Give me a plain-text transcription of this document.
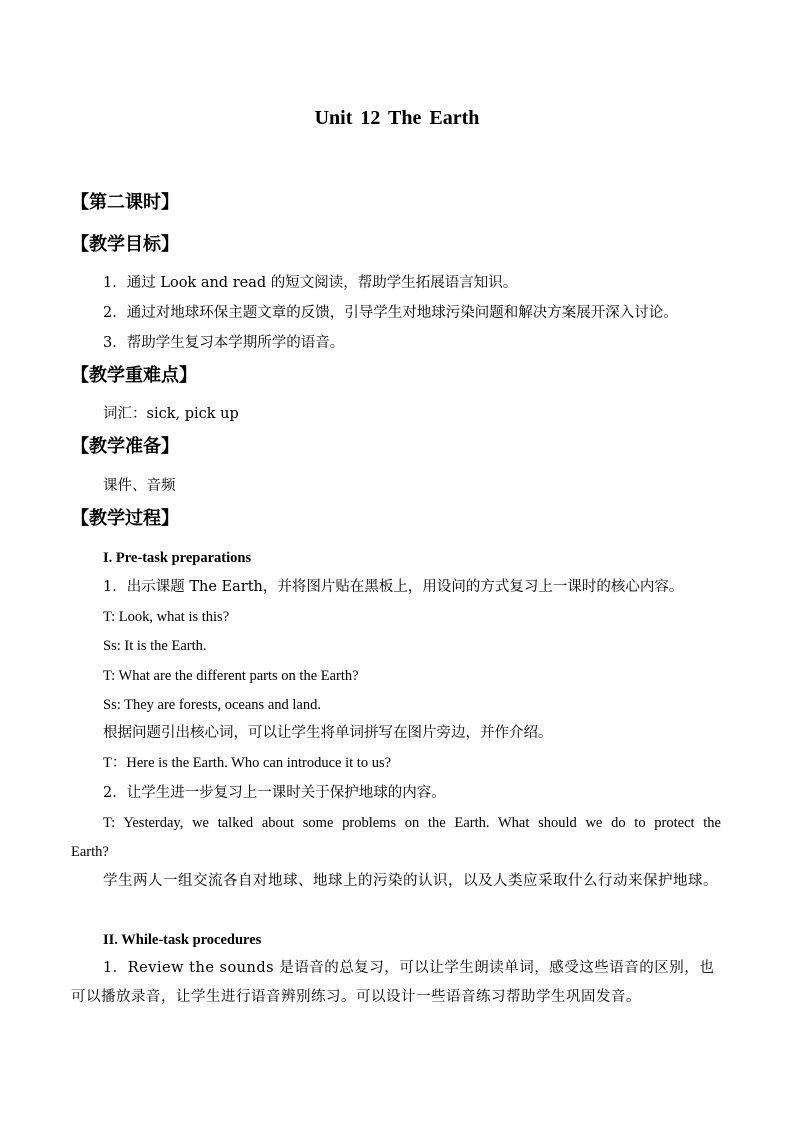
Unit 12 The Earth
【第二课时】
【教学目标】
1．通过 Look and read 的短文阅读，帮助学生拓展语言知识。
2．通过对地球环保主题文章的反馈，引导学生对地球污染问题和解决方案展开深入讨论。
3．帮助学生复习本学期所学的语音。
【教学重难点】
词汇：sick, pick up
【教学准备】
课件、音频
【教学过程】
I. Pre-task preparations
1．出示课题 The Earth，并将图片贴在黑板上，用设问的方式复习上一课时的核心内容。
T: Look, what is this?
Ss: It is the Earth.
T: What are the different parts on the Earth?
Ss: They are forests, oceans and land.
根据问题引出核心词，可以让学生将单词拼写在图片旁边，并作介绍。
T：Here is the Earth. Who can introduce it to us?
2．让学生进一步复习上一课时关于保护地球的内容。
T: Yesterday, we talked about some problems on the Earth. What should we do to protect the Earth?
学生两人一组交流各自对地球、地球上的污染的认识，以及人类应采取什么行动来保护地球。
II. While-task procedures
1．Review the sounds 是语音的总复习，可以让学生朗读单词，感受这些语音的区别，也可以播放录音，让学生进行语音辨别练习。可以设计一些语音练习帮助学生巩固发音。
